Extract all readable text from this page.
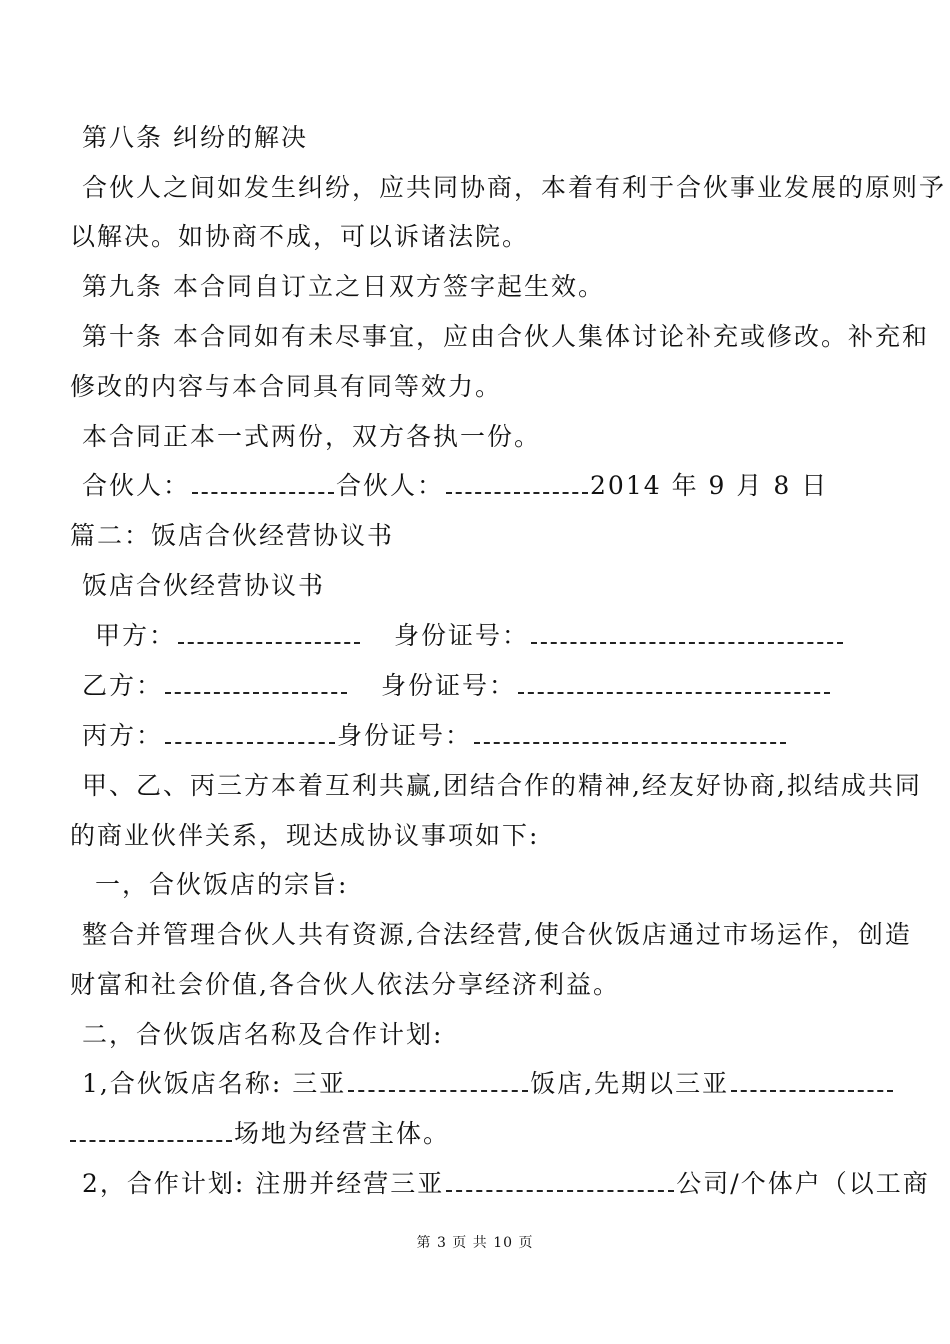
第八条 纠纷的解决
合伙人之间如发生纠纷，应共同协商，本着有利于合伙事业发展的原则予
以解决。如协商不成，可以诉诸法院。
第九条 本合同自订立之日双方签字起生效。
第十条 本合同如有未尽事宜，应由合伙人集体讨论补充或修改。补充和
修改的内容与本合同具有同等效力。
本合同正本一式两份，双方各执一份。
合伙人：	合伙人：	2014 年 9 月 8 日
篇二：饭店合伙经营协议书
饭店合伙经营协议书
甲方：	身份证号：
乙方：	身份证号：
丙方：	身份证号：
甲、乙、丙三方本着互利共赢,团结合作的精神,经友好协商,拟结成共同
的商业伙伴关系，现达成协议事项如下:
一，合伙饭店的宗旨:
整合并管理合伙人共有资源,合法经营,使合伙饭店通过市场运作，创造
财富和社会价值,各合伙人依法分享经济利益。
二，合伙饭店名称及合作计划:
1,合伙饭店名称: 三亚	饭店,先期以三亚
场地为经营主体。
2，合作计划: 注册并经营三亚	公司/个体户（以工商
第 3 页 共 10 页
